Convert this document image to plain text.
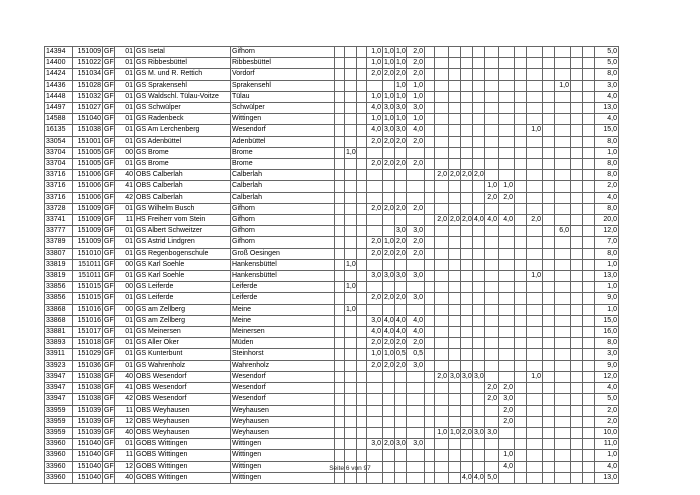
14394	151009	GF	01	GS Isetal	Gifhorn				1,0	1,0	1,0	2,0														5,0
14400	151022	GF	01	GS Ribbesbüttel	Ribbesbüttel				1,0	1,0	1,0	2,0														5,0
14424	151034	GF	01	GS M. und R. Rettich	Vordorf				2,0	2,0	2,0	2,0														8,0
14436	151028	GF	01	GS Sprakensehl	Sprakensehl						1,0	1,0											1,0			3,0
14448	151032	GF	01	GS Waldschl. Tülau-Voitze	Tülau				1,0	1,0	1,0	1,0														4,0
14497	151027	GF	01	GS Schwülper	Schwülper				4,0	3,0	3,0	3,0														13,0
14588	151040	GF	01	GS Radenbeck	Wittingen				1,0	1,0	1,0	1,0														4,0
16135	151038	GF	01	GS Am Lerchenberg	Wesendorf				4,0	3,0	3,0	4,0									1,0					15,0
33054	151001	GF	01	GS Adenbüttel	Adenbüttel				2,0	2,0	2,0	2,0														8,0
33704	151005	GF	00	GS Brome	Brome		1,0																			1,0
33704	151005	GF	01	GS Brome	Brome				2,0	2,0	2,0	2,0														8,0
33716	151006	GF	40	OBS Calberlah	Calberlah									2,0	2,0	2,0	2,0									8,0
33716	151006	GF	41	OBS Calberlah	Calberlah													1,0	1,0							2,0
33716	151006	GF	42	OBS Calberlah	Calberlah													2,0	2,0							4,0
33728	151009	GF	01	GS Wilhelm Busch	Gifhorn				2,0	2,0	2,0	2,0														8,0
33741	151009	GF	11	HS Freiherr vom Stein	Gifhorn									2,0	2,0	2,0	4,0	4,0	4,0		2,0					20,0
33777	151009	GF	01	GS Albert Schweitzer	Gifhorn						3,0	3,0											6,0			12,0
33789	151009	GF	01	GS Astrid Lindgren	Gifhorn				2,0	1,0	2,0	2,0														7,0
33807	151010	GF	01	GS Regenbogenschule	Groß Oesingen				2,0	2,0	2,0	2,0														8,0
33819	151011	GF	00	GS Karl Soehle	Hankensbüttel		1,0																			1,0
33819	151011	GF	01	GS Karl Soehle	Hankensbüttel				3,0	3,0	3,0	3,0									1,0					13,0
33856	151015	GF	00	GS Leiferde	Leiferde		1,0																			1,0
33856	151015	GF	01	GS Leiferde	Leiferde				2,0	2,0	2,0	3,0														9,0
33868	151016	GF	00	GS am Zellberg	Meine		1,0																			1,0
33868	151016	GF	01	GS am Zellberg	Meine				3,0	4,0	4,0	4,0														15,0
33881	151017	GF	01	GS Meinersen	Meinersen				4,0	4,0	4,0	4,0														16,0
33893	151018	GF	01	GS Aller Oker	Müden				2,0	2,0	2,0	2,0														8,0
33911	151029	GF	01	GS Kunterbunt	Steinhorst				1,0	1,0	0,5	0,5														3,0
33923	151036	GF	01	GS Wahrenholz	Wahrenholz				2,0	2,0	2,0	3,0														9,0
33947	151038	GF	40	OBS Wesendorf	Wesendorf									2,0	3,0	3,0	3,0				1,0					12,0
33947	151038	GF	41	OBS Wesendorf	Wesendorf													2,0	2,0							4,0
33947	151038	GF	42	OBS Wesendorf	Wesendorf													2,0	3,0							5,0
33959	151039	GF	11	OBS Weyhausen	Weyhausen														2,0							2,0
33959	151039	GF	12	OBS Weyhausen	Weyhausen														2,0							2,0
33959	151039	GF	40	OBS Weyhausen	Weyhausen									1,0	1,0	2,0	3,0	3,0								10,0
33960	151040	GF	01	GOBS Wittingen	Wittingen				3,0	2,0	3,0	3,0														11,0
33960	151040	GF	11	GOBS Wittingen	Wittingen														1,0							1,0
33960	151040	GF	12	GOBS Wittingen	Wittingen														4,0							4,0
33960	151040	GF	40	GOBS Wittingen	Wittingen											4,0	4,0	5,0								13,0
Seite 6 von 97
